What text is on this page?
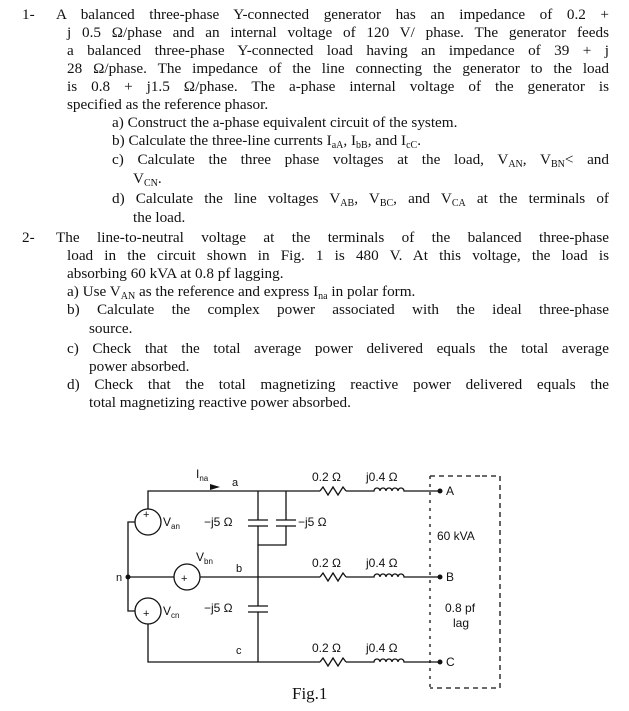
1- A balanced three-phase Y-connected generator has an impedance of 0.2 +
j 0.5 Ω/phase and an internal voltage of 120 V/ phase. The generator feeds
a balanced three-phase Y-connected load having an impedance of 39 + j
28 Ω/phase. The impedance of the line connecting the generator to the load
is 0.8 + j1.5 Ω/phase. The a-phase internal voltage of the generator is
specified as the reference phasor.
a) Construct the a-phase equivalent circuit of the system.
b) Calculate the three-line currents $I_{aA}$, $I_{bB}$, and $I_{cC}$.
c) Calculate the three phase voltages at the load, $V_{AN}$, $V_{BN}<$ and
$V_{CN}$.
d) Calculate the line voltages $V_{AB}$, $V_{BC}$, and $V_{CA}$ at the terminals of
the load.
2- The line-to-neutral voltage at the terminals of the balanced three-phase
load in the circuit shown in Fig. 1 is 480 V. At this voltage, the load is
absorbing 60 kVA at 0.8 pf lagging.
a) Use $V_{AN}$ as the reference and express $I_{na}$ in polar form.
b) Calculate the complex power associated with the ideal three-phase
source.
c) Check that the total average power delivered equals the total average
power absorbed.
d) Check that the total magnetizing reactive power delivered equals the
total magnetizing reactive power absorbed.
+
+
+
$I_{na}$ a
b
c
n
A
B
C
$V_{an}$
$V_{bn}$
$V_{cn}$
−j5 Ω	−j5 Ω
−j5 Ω
0.2 Ω j0.4 Ω
0.2 Ω j0.4 Ω
0.2 Ω j0.4 Ω
60 kVA
0.8 pf
lag
Fig.1
